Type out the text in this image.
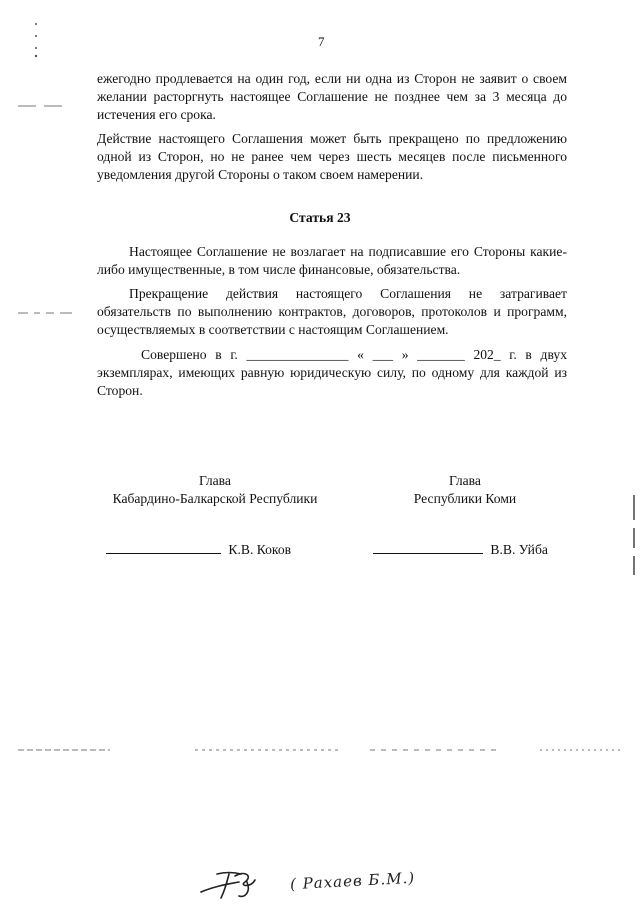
7

ежегодно продлевается на один год, если ни одна из Сторон не заявит о своем желании расторгнуть настоящее Соглашение не позднее чем за 3 месяца до истечения его срока.

Действие настоящего Соглашения может быть прекращено по предложению одной из Сторон, но не ранее чем через шесть месяцев после письменного уведомления другой Стороны о таком своем намерении.

Статья 23

Настоящее Соглашение не возлагает на подписавшие его Стороны какие-либо имущественные, в том числе финансовые, обязательства.

Прекращение действия настоящего Соглашения не затрагивает обязательств по выполнению контрактов, договоров, протоколов и программ, осуществляемых в соответствии с настоящим Соглашением.

Совершено в г. _______________ « ___ » _______ 202_ г. в двух экземплярах, имеющих равную юридическую силу, по одному для каждой из Сторон.

Глава
Кабардино-Балкарской Республики
Глава
Республики Коми
К.В. Коков	В.В. Уйба
( Рахаев Б.М.)
